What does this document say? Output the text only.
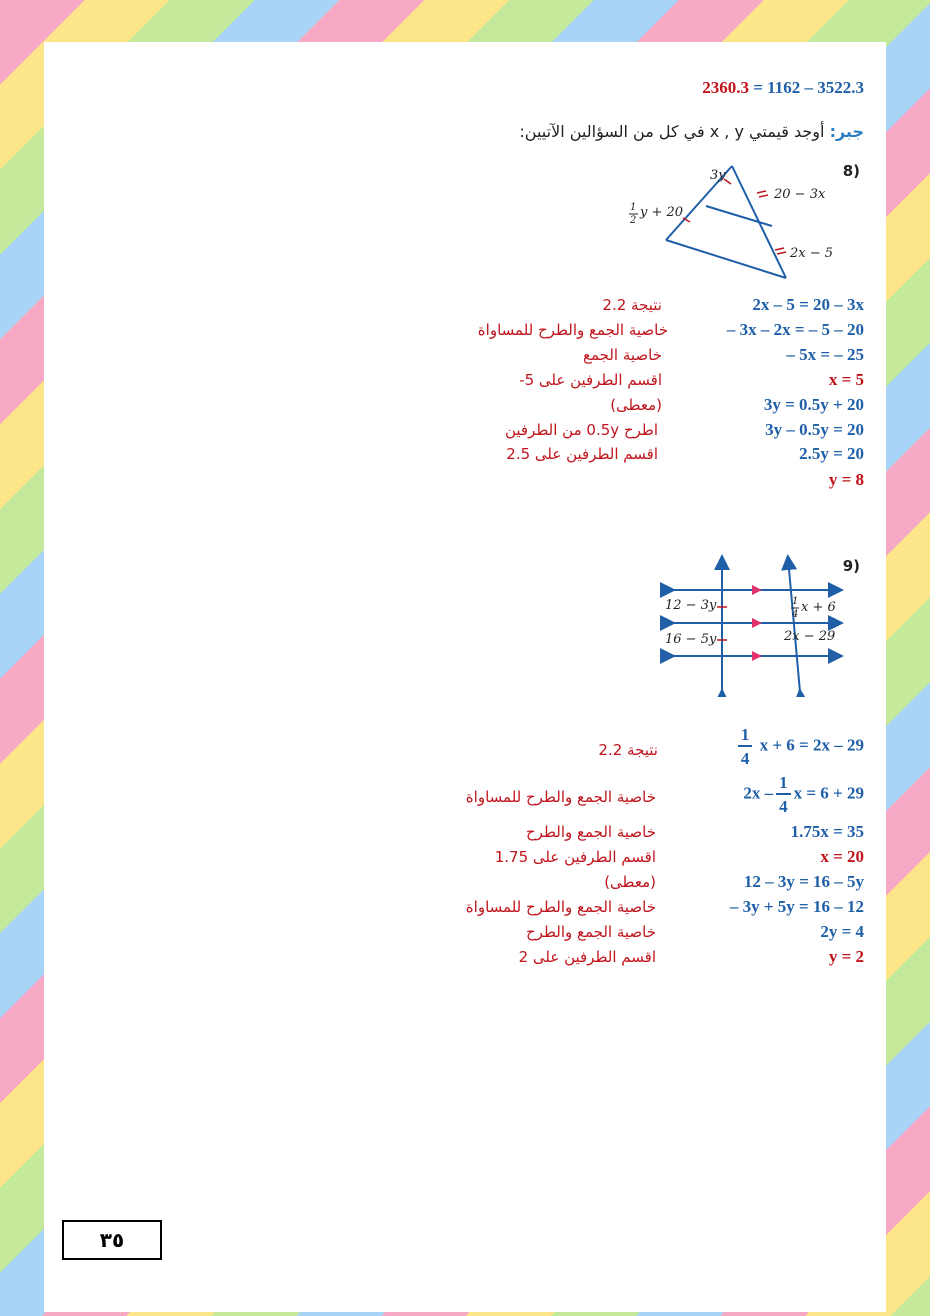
2360.3 = 1162 – 3522.3
جبر: أوجد قيمتي x , y في كل من السؤالين الآتيين:
8)
3y
20 − 3x
1
2
y + 20
2x − 5
2x – 5 = 20 – 3x
نتيجة 2.2
– 3x – 2x = – 5 – 20
خاصية الجمع والطرح للمساواة
– 5x = – 25
خاصية الجمع
x = 5
اقسم الطرفين على 5-
3y = 0.5y + 20
(معطى)
3y – 0.5y = 20
اطرح 0.5y من الطرفين
2.5y = 20
اقسم الطرفين على 2.5
y = 8
9)
12 − 3y
16 − 5y
1
4 x + 6
2x − 29
$\frac{1}{4}$ x + 6 = 2x – 29
نتيجة 2.2
$2x - \frac{1}{4}$ x = 6 + 29
خاصية الجمع والطرح للمساواة
1.75x = 35
خاصية الجمع والطرح
x = 20
اقسم الطرفين على 1.75
12 – 3y = 16 – 5y
(معطى)
– 3y + 5y = 16 – 12
خاصية الجمع والطرح للمساواة
2y = 4
خاصية الجمع والطرح
y = 2
اقسم الطرفين على 2
٣٥
